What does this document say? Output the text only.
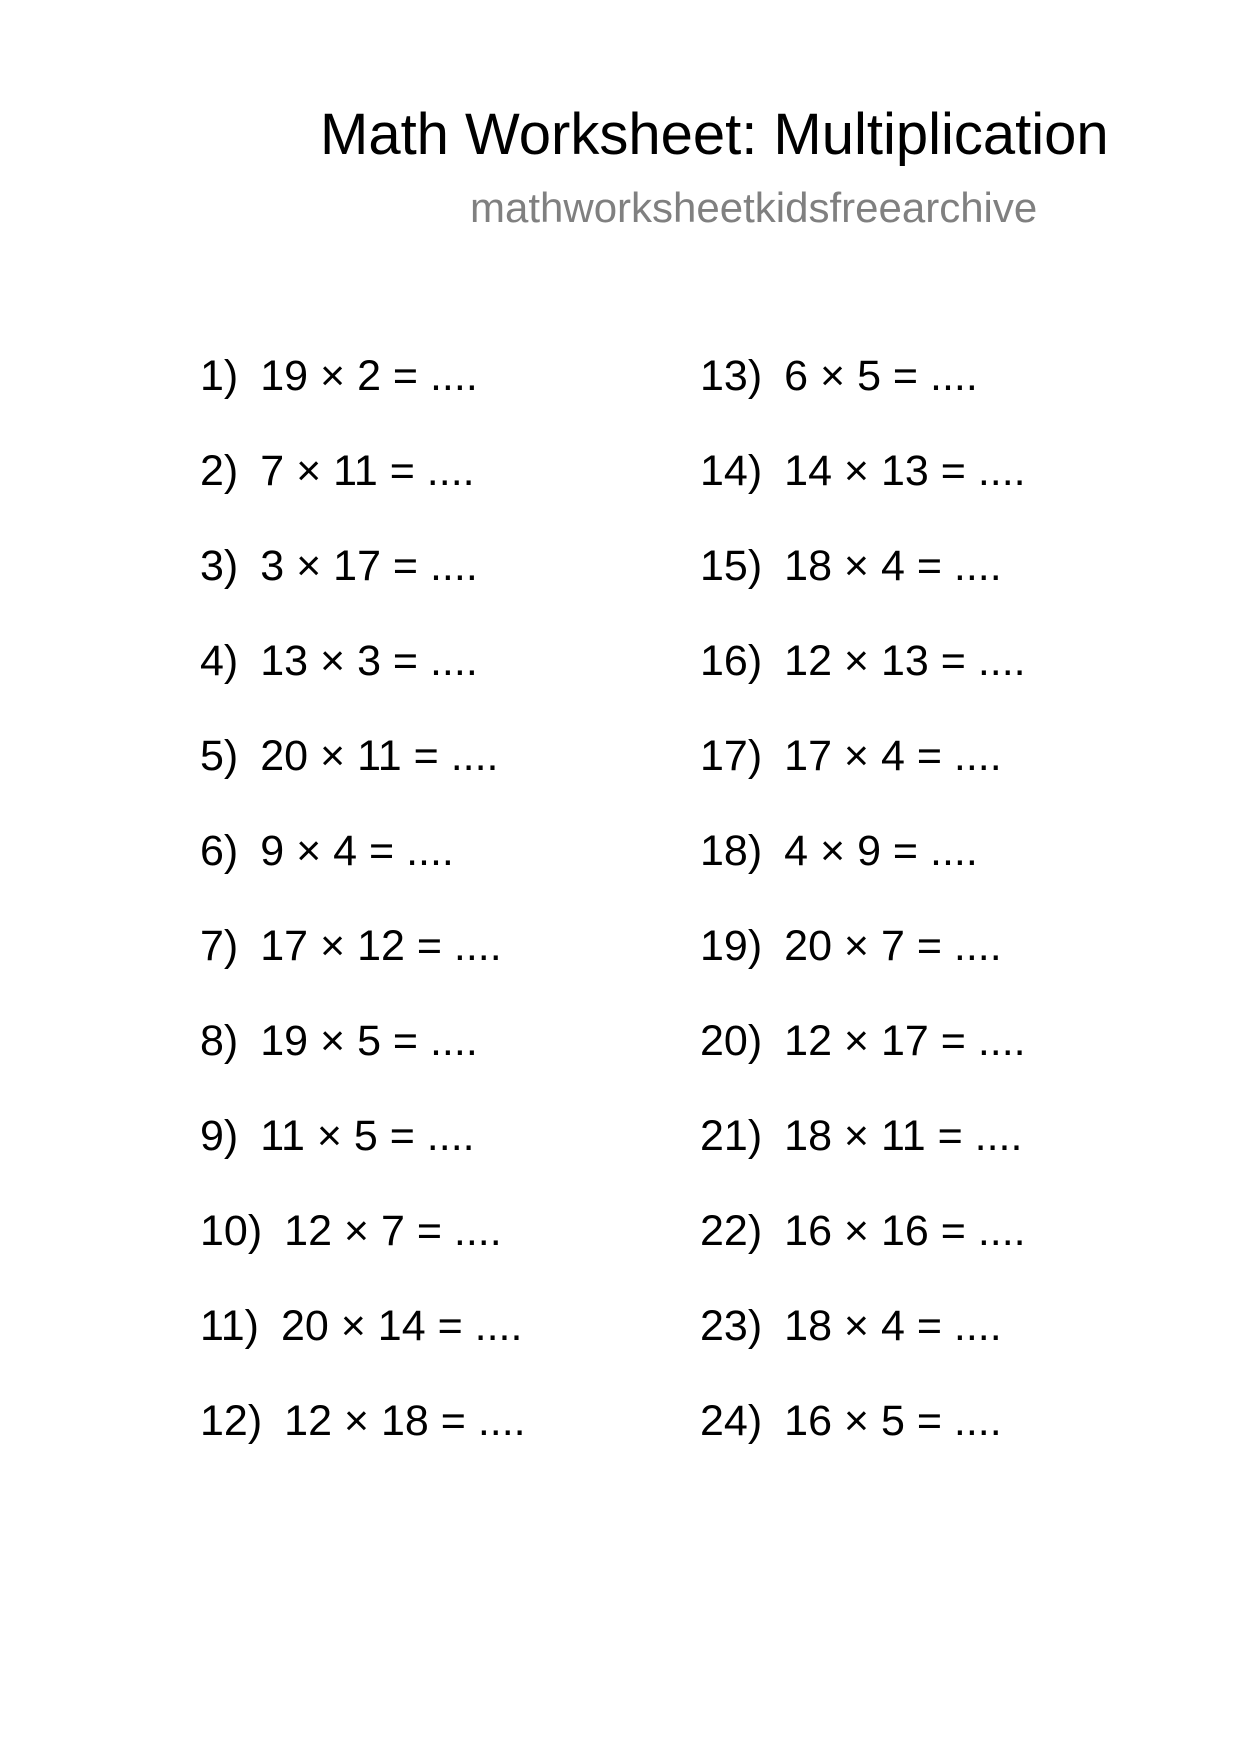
Math Worksheet: Multiplication
mathworksheetkidsfreearchive
1) 19 × 2 = ....
2) 7 × 11 = ....
3) 3 × 17 = ....
4) 13 × 3 = ....
5) 20 × 11 = ....
6) 9 × 4 = ....
7) 17 × 12 = ....
8) 19 × 5 = ....
9) 11 × 5 = ....
10) 12 × 7 = ....
11) 20 × 14 = ....
12) 12 × 18 = ....
13) 6 × 5 = ....
14) 14 × 13 = ....
15) 18 × 4 = ....
16) 12 × 13 = ....
17) 17 × 4 = ....
18) 4 × 9 = ....
19) 20 × 7 = ....
20) 12 × 17 = ....
21) 18 × 11 = ....
22) 16 × 16 = ....
23) 18 × 4 = ....
24) 16 × 5 = ....
